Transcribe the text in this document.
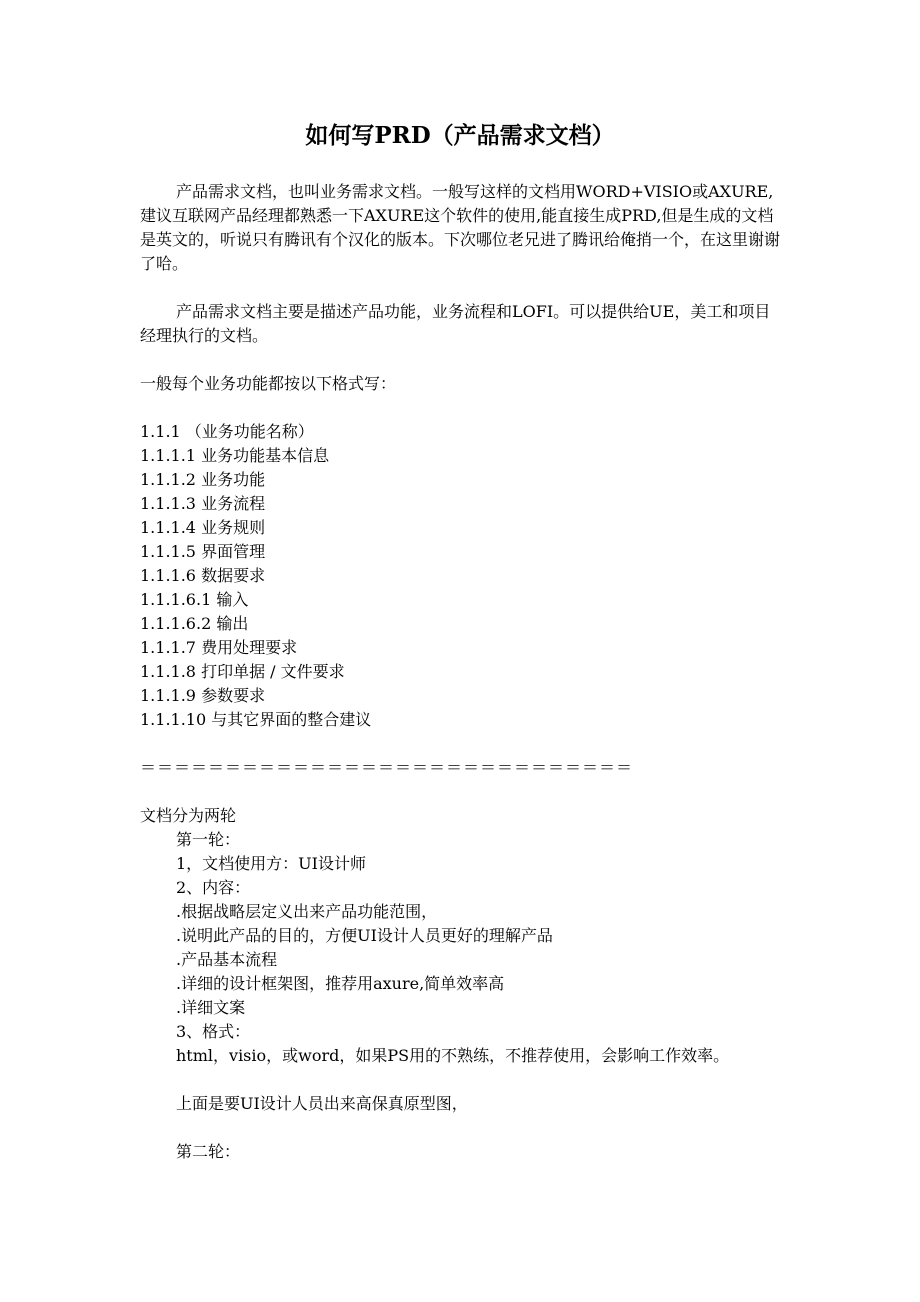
如何写PRD（产品需求文档）

产品需求文档，也叫业务需求文档。一般写这样的文档用WORD+VISIO或AXURE,建议互联网产品经理都熟悉一下AXURE这个软件的使用,能直接生成PRD,但是生成的文档是英文的，听说只有腾讯有个汉化的版本。下次哪位老兄进了腾讯给俺捎一个，在这里谢谢了哈。

产品需求文档主要是描述产品功能，业务流程和LOFI。可以提供给UE，美工和项目经理执行的文档。

一般每个业务功能都按以下格式写：

1.1.1 （业务功能名称）

1.1.1.1 业务功能基本信息

1.1.1.2 业务功能

1.1.1.3 业务流程

1.1.1.4 业务规则

1.1.1.5 界面管理

1.1.1.6 数据要求

1.1.1.6.1 输入

1.1.1.6.2 输出

1.1.1.7 费用处理要求

1.1.1.8 打印单据 / 文件要求

1.1.1.9 参数要求

1.1.1.10 与其它界面的整合建议

＝＝＝＝＝＝＝＝＝＝＝＝＝＝＝＝＝＝＝＝＝＝＝＝＝＝＝＝＝

文档分为两轮

第一轮：

1，文档使用方：UI设计师

2、内容：

.根据战略层定义出来产品功能范围，

.说明此产品的目的，方便UI设计人员更好的理解产品

.产品基本流程

.详细的设计框架图，推荐用axure,简单效率高

.详细文案

3、格式：

html，visio，或word，如果PS用的不熟练，不推荐使用，会影响工作效率。

上面是要UI设计人员出来高保真原型图，

第二轮：
